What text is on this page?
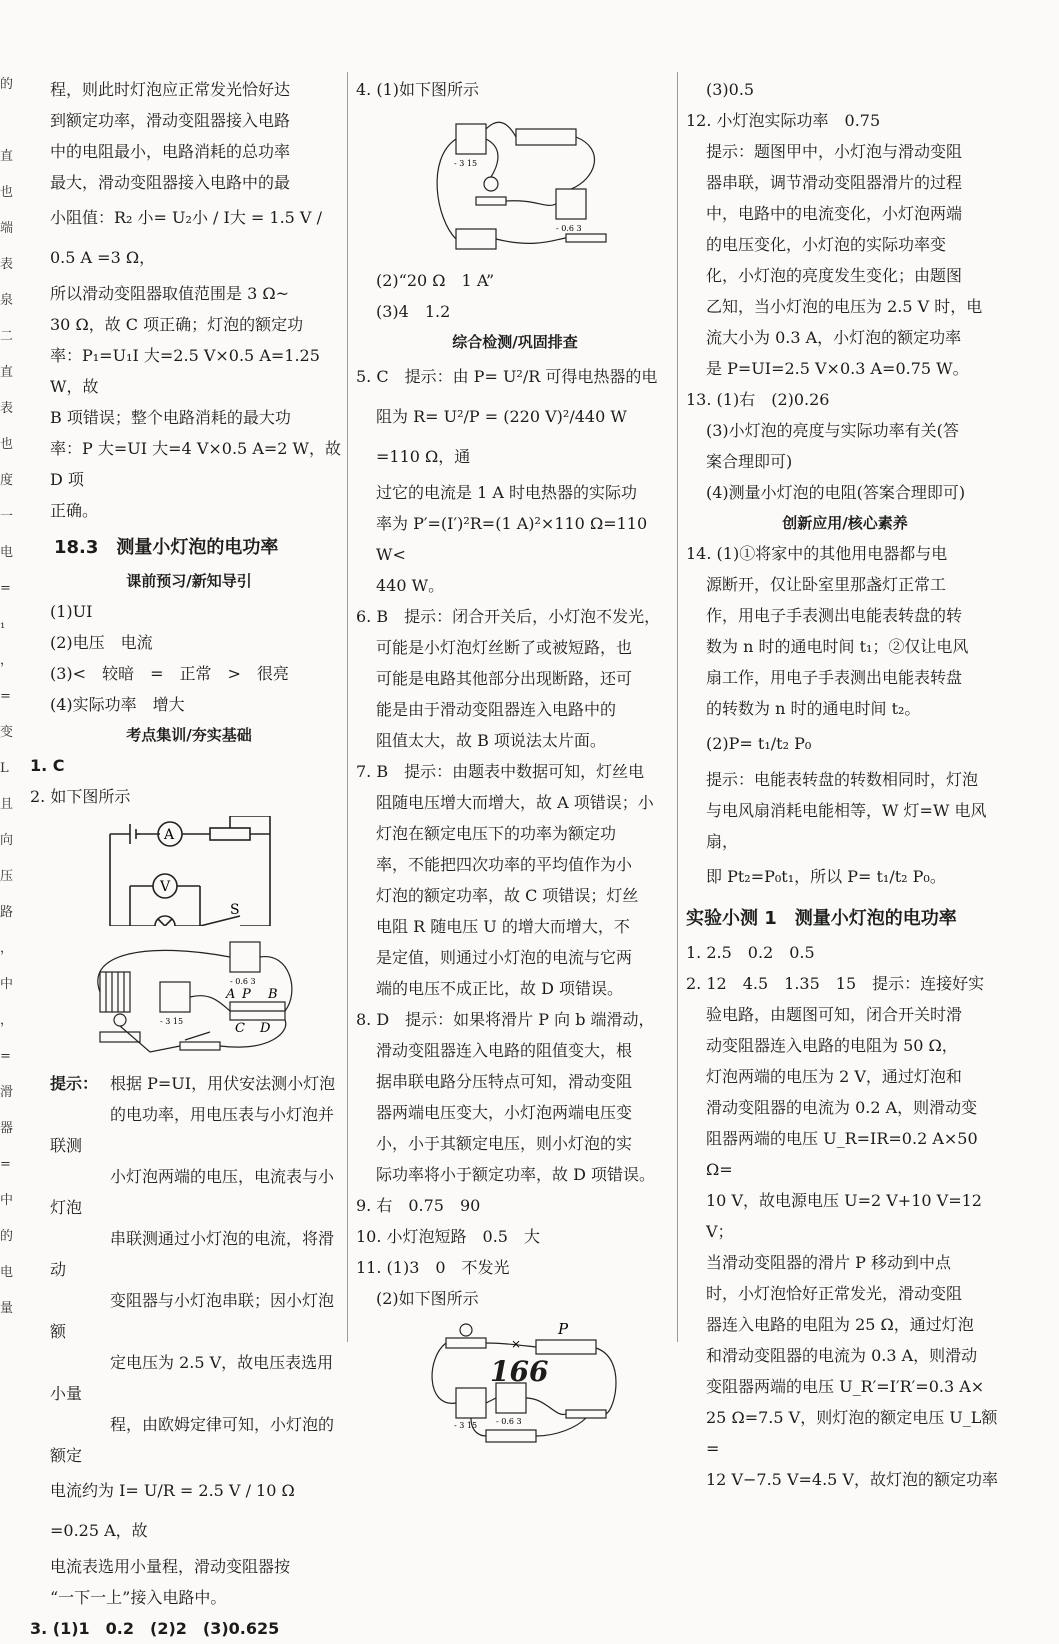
的
直
也
端
表
泉
二
直
表
也
度
一
电
=
₁
，
=
变
L
且
向
压
路
，
中
，
=
滑
器
=
中
的
电
量

程，则此时灯泡应正常发光恰好达

到额定功率，滑动变阻器接入电路

中的电阻最小，电路消耗的总功率

最大，滑动变阻器接入电路中的最

小阻值：R₂ 小= U₂小 / I大 = 1.5 V / 0.5 A =3 Ω，

所以滑动变阻器取值范围是 3 Ω~

30 Ω，故 C 项正确；灯泡的额定功

率：P₁=U₁I 大=2.5 V×0.5 A=1.25 W，故

B 项错误；整个电路消耗的最大功

率：P 大=UI 大=4 V×0.5 A=2 W，故 D 项

正确。

18.3　测量小灯泡的电功率
课前预习/新知导引

(1)UI

(2)电压　电流

(3)<　较暗　=　正常　>　很亮

(4)实际功率　增大

考点集训/夯实基础

1. C

2. 如下图所示

A
V
S
A P B
C D
- 3 15
- 0.6 3

提示： 根据 P=UI，用伏安法测小灯泡

的电功率，用电压表与小灯泡并联测

小灯泡两端的电压，电流表与小灯泡

串联测通过小灯泡的电流，将滑动

变阻器与小灯泡串联；因小灯泡额

定电压为 2.5 V，故电压表选用小量

程，由欧姆定律可知，小灯泡的额定

电流约为 I= U/R = 2.5 V / 10 Ω =0.25 A，故

电流表选用小量程，滑动变阻器按

“一下一上”接入电路中。

3. (1)1　0.2　(2)2　(3)0.625

4. (1)如下图所示

- 3 15
- 0.6 3

(2)“20 Ω　1 A”

(3)4　1.2

综合检测/巩固排查

5. C　提示：由 P= U²/R 可得电热器的电

阻为 R= U²/P = (220 V)²/440 W =110 Ω，通

过它的电流是 1 A 时电热器的实际功

率为 P′=(I′)²R=(1 A)²×110 Ω=110 W<

440 W。

6. B　提示：闭合开关后，小灯泡不发光，

可能是小灯泡灯丝断了或被短路，也

可能是电路其他部分出现断路，还可

能是由于滑动变阻器连入电路中的

阻值太大，故 B 项说法太片面。

7. B　提示：由题表中数据可知，灯丝电

阻随电压增大而增大，故 A 项错误；小

灯泡在额定电压下的功率为额定功

率，不能把四次功率的平均值作为小

灯泡的额定功率，故 C 项错误；灯丝

电阻 R 随电压 U 的增大而增大，不

是定值，则通过小灯泡的电流与它两

端的电压不成正比，故 D 项错误。

8. D　提示：如果将滑片 P 向 b 端滑动，

滑动变阻器连入电路的阻值变大，根

据串联电路分压特点可知，滑动变阻

器两端电压变大，小灯泡两端电压变

小，小于其额定电压，则小灯泡的实

际功率将小于额定功率，故 D 项错误。

9. 右　0.75　90

10. 小灯泡短路　0.5　大

11. (1)3　0　不发光

(2)如下图所示

P
×
- 3 15 - 0.6 3

(3)0.5

12. 小灯泡实际功率　0.75

提示：题图甲中，小灯泡与滑动变阻

器串联，调节滑动变阻器滑片的过程

中，电路中的电流变化，小灯泡两端

的电压变化，小灯泡的实际功率变

化，小灯泡的亮度发生变化；由题图

乙知，当小灯泡的电压为 2.5 V 时，电

流大小为 0.3 A，小灯泡的额定功率

是 P=UI=2.5 V×0.3 A=0.75 W。

13. (1)右　(2)0.26

(3)小灯泡的亮度与实际功率有关(答

案合理即可)

(4)测量小灯泡的电阻(答案合理即可)

创新应用/核心素养

14. (1)①将家中的其他用电器都与电

源断开，仅让卧室里那盏灯正常工

作，用电子手表测出电能表转盘的转

数为 n 时的通电时间 t₁；②仅让电风

扇工作，用电子手表测出电能表转盘

的转数为 n 时的通电时间 t₂。

(2)P= t₁/t₂ P₀

提示：电能表转盘的转数相同时，灯泡

与电风扇消耗电能相等，W 灯=W 电风扇，

即 Pt₂=P₀t₁，所以 P= t₁/t₂ P₀。

实验小测 1　测量小灯泡的电功率

1. 2.5　0.2　0.5

2. 12　4.5　1.35　15　提示：连接好实

验电路，由题图可知，闭合开关时滑

动变阻器连入电路的电阻为 50 Ω，

灯泡两端的电压为 2 V，通过灯泡和

滑动变阻器的电流为 0.2 A，则滑动变

阻器两端的电压 U_R=IR=0.2 A×50 Ω=

10 V，故电源电压 U=2 V+10 V=12 V；

当滑动变阻器的滑片 P 移动到中点

时，小灯泡恰好正常发光，滑动变阻

器连入电路的电阻为 25 Ω，通过灯泡

和滑动变阻器的电流为 0.3 A，则滑动

变阻器两端的电压 U_R′=I′R′=0.3 A×

25 Ω=7.5 V，则灯泡的额定电压 U_L额=

12 V−7.5 V=4.5 V，故灯泡的额定功率

166
